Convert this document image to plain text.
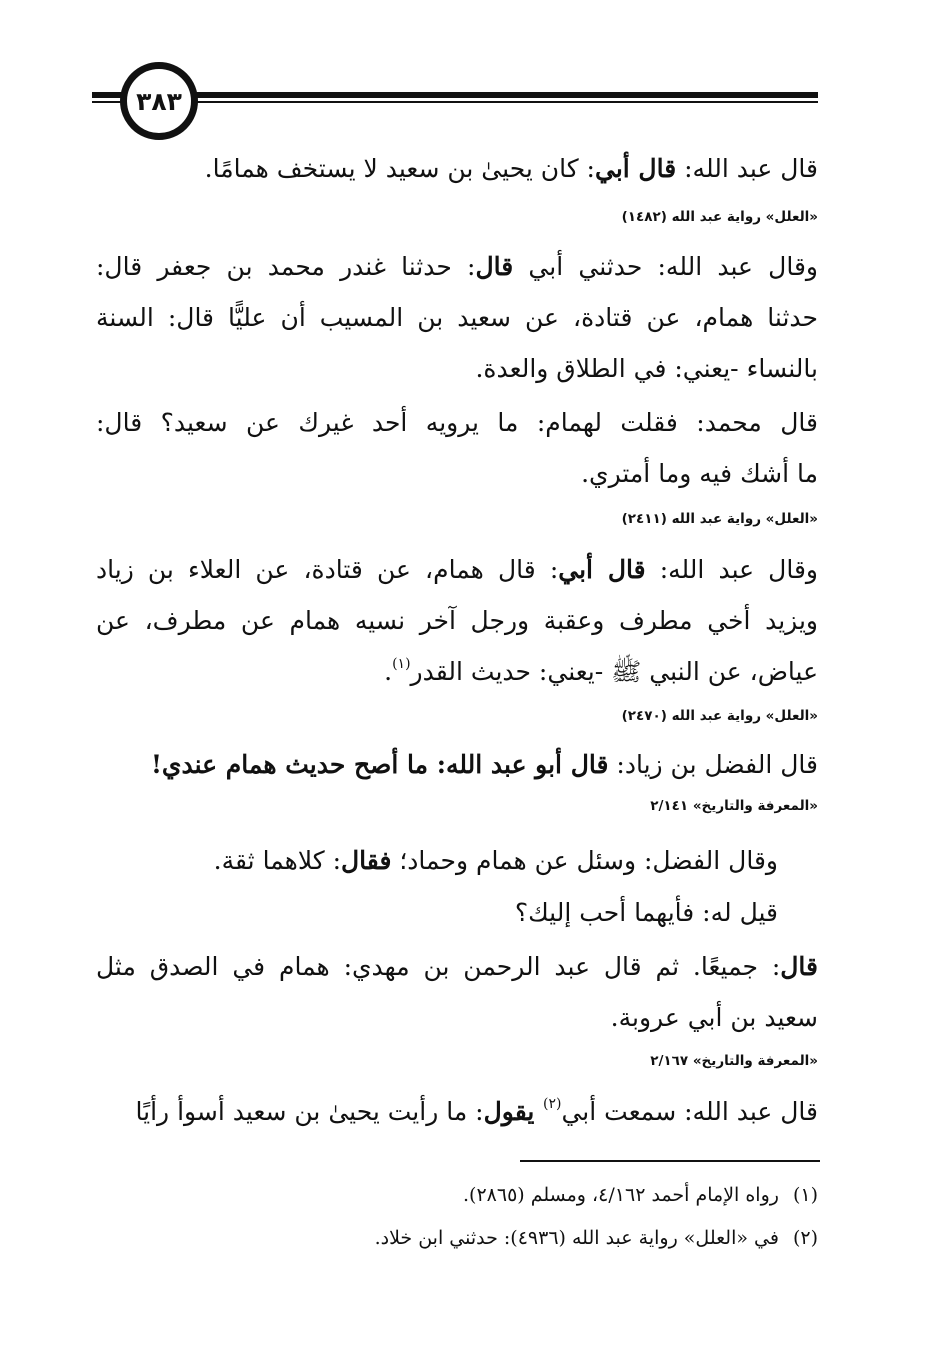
٣٨٣
قال عبد الله: قال أبي: كان يحيىٰ بن سعيد لا يستخف همامًا.
«العلل» رواية عبد الله (١٤٨٢)
وقال عبد الله: حدثني أبي قال: حدثنا غندر محمد بن جعفر قال:
حدثنا همام، عن قتادة، عن سعيد بن المسيب أن عليًّا قال: السنة
بالنساء -يعني: في الطلاق والعدة.
قال محمد: فقلت لهمام: ما يرويه أحد غيرك عن سعيد؟ قال:
ما أشك فيه وما أمتري.
«العلل» رواية عبد الله (٢٤١١)
وقال عبد الله: قال أبي: قال همام، عن قتادة، عن العلاء بن زياد
ويزيد أخي مطرف وعقبة ورجل آخر نسيه همام عن مطرف، عن
عياض، عن النبي ﷺ -يعني: حديث القدر$^{(١)}$.
«العلل» رواية عبد الله (٢٤٧٠)
قال الفضل بن زياد: قال أبو عبد الله: ما أصح حديث همام عندي!
«المعرفة والتاريخ» ٢/١٤١
وقال الفضل: وسئل عن همام وحماد؛ فقال: كلاهما ثقة.
قيل له: فأيهما أحب إليك؟
قال: جميعًا. ثم قال عبد الرحمن بن مهدي: همام في الصدق مثل
سعيد بن أبي عروبة.
«المعرفة والتاريخ» ٢/١٦٧
قال عبد الله: سمعت أبي$^{(٢)}$ يقول: ما رأيت يحيىٰ بن سعيد أسوأ رأيًا
(١)رواه الإمام أحمد ٤/١٦٢، ومسلم (٢٨٦٥).
(٢)في «العلل» رواية عبد الله (٤٩٣٦): حدثني ابن خلاد.
